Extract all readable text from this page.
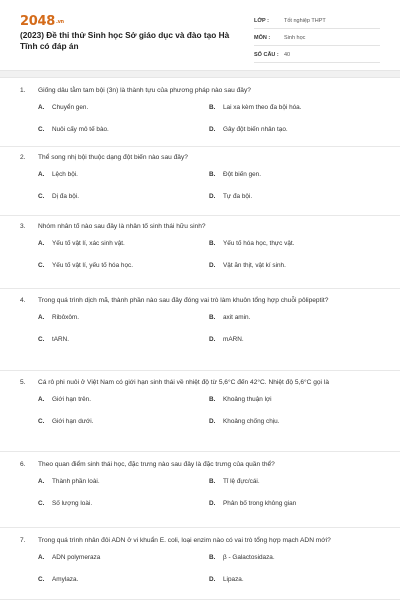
2048.vn
(2023) Đề thi thử Sinh học Sở giáo dục và đào tạo Hà Tĩnh có đáp án
LỚP :	Tốt nghiệp THPT
MÔN :	Sinh học
SỐ CÂU : 40
1.	Giống dâu tằm tam bội (3n) là thành tựu của phương pháp nào sau đây?
A.	Chuyển gen.	B.	Lai xa kèm theo đa bội hóa.
C.	Nuôi cấy mô tế bào.	D.	Gây đột biến nhân tạo.
2.	Thể song nhị bội thuộc dạng đột biến nào sau đây?
A.	Lệch bội.	B.	Đột biến gen.
C.	Dị đa bội.	D.	Tự đa bội.
3.	Nhóm nhân tố nào sau đây là nhân tố sinh thái hữu sinh?
A.	Yếu tố vật lí, xác sinh vật.	B.	Yếu tố hóa học, thực vật.
C.	Yếu tố vật lí, yếu tố hóa học.	D.	Vật ăn thịt, vật kí sinh.
4.	Trong quá trình dịch mã, thành phần nào sau đây đóng vai trò làm khuôn tổng hợp chuỗi pôlipeptit?
A.	Ribôxôm.	B.	axit amin.
C.	tARN.	D.	mARN.
5.	Cá rô phi nuôi ở Việt Nam có giới hạn sinh thái về nhiệt độ từ 5,6°C đến 42°C. Nhiệt độ 5,6°C gọi là
A.	Giới hạn trên.	B.	Khoảng thuận lợi
C.	Giới hạn dưới.	D.	Khoảng chống chịu.
6.	Theo quan điểm sinh thái học, đặc trưng nào sau đây là đặc trưng của quần thể?
A.	Thành phần loài.	B.	Tỉ lệ đực/cái.
C.	Số lượng loài.	D.	Phân bố trong không gian
7.	Trong quá trình nhân đôi ADN ở vi khuẩn E. coli, loại enzim nào có vai trò tổng hợp mạch ADN mới?
A.	ADN polymeraza	B.	β - Galactosidaza.
C.	Amylaza.	D.	Lipaza.
